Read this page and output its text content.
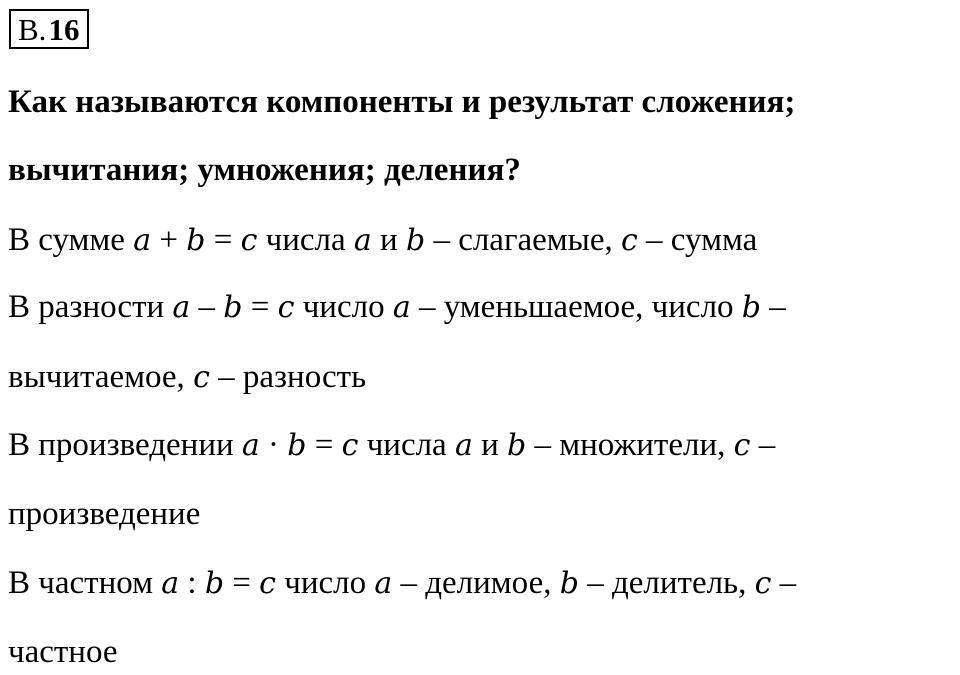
В. 16
Как называются компоненты и результат сложения;
вычитания; умножения; деления?
В сумме a + b = c числа a и b – слагаемые, c – сумма
В разности a – b = c число a – уменьшаемое, число b –
вычитаемое, c – разность
В произведении a · b = c числа a и b – множители, c –
произведение
В частном a : b = c число a – делимое, b – делитель, c –
частное
